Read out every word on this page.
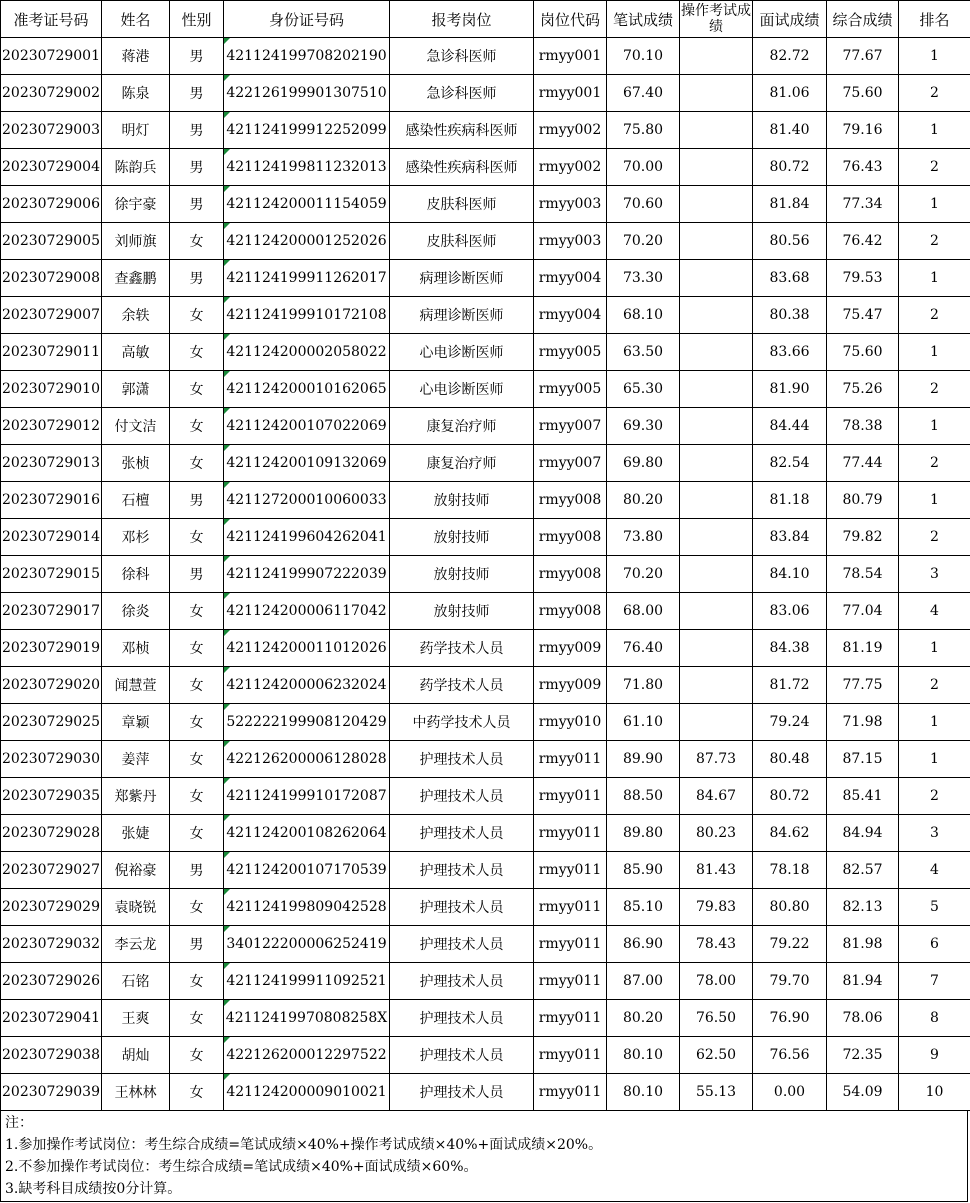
准考证号码	姓名	性别	身份证号码	报考岗位	岗位代码	笔试成绩	操作考试成绩	面试成绩	综合成绩	排名
20230729001	蒋港	男	421124199708202190	急诊科医师	rmyy001	70.10		82.72	77.67	1
20230729002	陈泉	男	422126199901307510	急诊科医师	rmyy001	67.40		81.06	75.60	2
20230729003	明灯	男	421124199912252099	感染性疾病科医师	rmyy002	75.80		81.40	79.16	1
20230729004	陈韵兵	男	421124199811232013	感染性疾病科医师	rmyy002	70.00		80.72	76.43	2
20230729006	徐宇豪	男	421124200011154059	皮肤科医师	rmyy003	70.60		81.84	77.34	1
20230729005	刘师旗	女	421124200001252026	皮肤科医师	rmyy003	70.20		80.56	76.42	2
20230729008	查鑫鹏	男	421124199911262017	病理诊断医师	rmyy004	73.30		83.68	79.53	1
20230729007	余轶	女	421124199910172108	病理诊断医师	rmyy004	68.10		80.38	75.47	2
20230729011	高敏	女	421124200002058022	心电诊断医师	rmyy005	63.50		83.66	75.60	1
20230729010	郭潇	女	421124200010162065	心电诊断医师	rmyy005	65.30		81.90	75.26	2
20230729012	付文洁	女	421124200107022069	康复治疗师	rmyy007	69.30		84.44	78.38	1
20230729013	张桢	女	421124200109132069	康复治疗师	rmyy007	69.80		82.54	77.44	2
20230729016	石檀	男	421127200010060033	放射技师	rmyy008	80.20		81.18	80.79	1
20230729014	邓杉	女	421124199604262041	放射技师	rmyy008	73.80		83.84	79.82	2
20230729015	徐科	男	421124199907222039	放射技师	rmyy008	70.20		84.10	78.54	3
20230729017	徐炎	女	421124200006117042	放射技师	rmyy008	68.00		83.06	77.04	4
20230729019	邓桢	女	421124200011012026	药学技术人员	rmyy009	76.40		84.38	81.19	1
20230729020	闻慧萱	女	421124200006232024	药学技术人员	rmyy009	71.80		81.72	77.75	2
20230729025	章颖	女	522222199908120429	中药学技术人员	rmyy010	61.10		79.24	71.98	1
20230729030	姜萍	女	422126200006128028	护理技术人员	rmyy011	89.90	87.73	80.48	87.15	1
20230729035	郑紫丹	女	421124199910172087	护理技术人员	rmyy011	88.50	84.67	80.72	85.41	2
20230729028	张婕	女	421124200108262064	护理技术人员	rmyy011	89.80	80.23	84.62	84.94	3
20230729027	倪裕豪	男	421124200107170539	护理技术人员	rmyy011	85.90	81.43	78.18	82.57	4
20230729029	袁晓锐	女	421124199809042528	护理技术人员	rmyy011	85.10	79.83	80.80	82.13	5
20230729032	李云龙	男	340122200006252419	护理技术人员	rmyy011	86.90	78.43	79.22	81.98	6
20230729026	石铭	女	421124199911092521	护理技术人员	rmyy011	87.00	78.00	79.70	81.94	7
20230729041	王爽	女	42112419970808258X	护理技术人员	rmyy011	80.20	76.50	76.90	78.06	8
20230729038	胡灿	女	422126200012297522	护理技术人员	rmyy011	80.10	62.50	76.56	72.35	9
20230729039	王林林	女	421124200009010021	护理技术人员	rmyy011	80.10	55.13	0.00	54.09	10
注：
1.参加操作考试岗位：考生综合成绩=笔试成绩×40%+操作考试成绩×40%+面试成绩×20%。
2.不参加操作考试岗位：考生综合成绩=笔试成绩×40%+面试成绩×60%。
3.缺考科目成绩按0分计算。
